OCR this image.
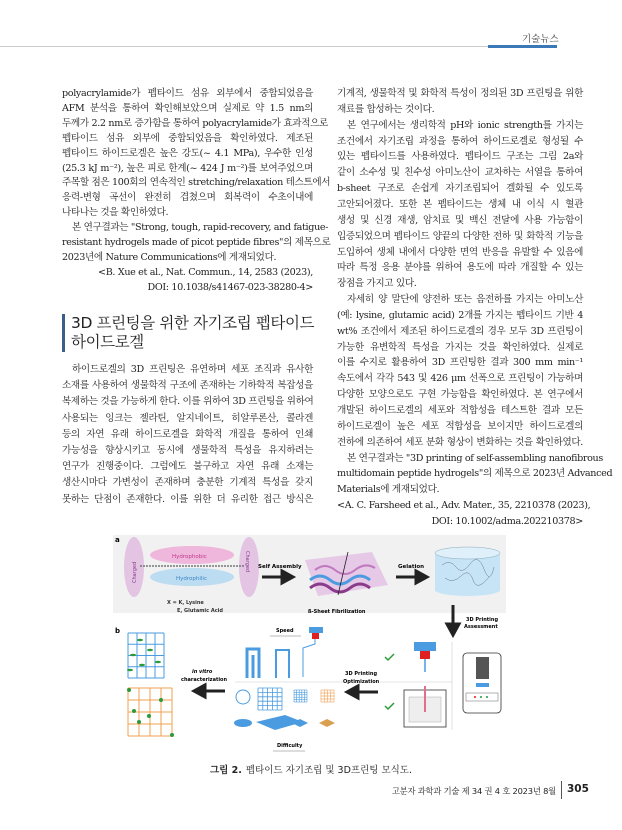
기술뉴스
polyacrylamide가 펩타이드 섬유 외부에서 중합되었음을
AFM 분석을 통하여 확인해보았으며 실제로 약 1.5 nm의
두께가 2.2 nm로 증가함을 통하여 polyacrylamide가 효과적으로
펩타이드 섬유 외부에 중합되었음을 확인하였다. 제조된
펩타이드 하이드로겔은 높은 강도(~ 4.1 MPa), 우수한 인성
(25.3 kJ m⁻²), 높은 피로 한계(~ 424 J m⁻²)를 보여주었으며
주목할 점은 100회의 연속적인 stretching/relaxation 테스트에서
응력-변형 곡선이 완전히 겹쳤으며 회복력이 수초이내에
나타나는 것을 확인하였다.
본 연구결과는 "Strong, tough, rapid-recovery, and fatigue-
resistant hydrogels made of picot peptide fibres"의 제목으로
2023년에 Nature Communications에 게재되었다.
<B. Xue et al., Nat. Commun., 14, 2583 (2023),
DOI: 10.1038/s41467-023-38280-4>
3D 프린팅을 위한 자기조립 펩타이드
하이드로겔
하이드로겔의 3D 프린팅은 유연하며 세포 조직과 유사한
소재를 사용하여 생물학적 구조에 존재하는 기하학적 복잡성을
복제하는 것을 가능하게 한다. 이를 위하여 3D 프린팅을 위하여
사용되는 잉크는 젤라틴, 알지네이트, 히알루론산, 콜라겐
등의 자연 유래 하이드로겔을 화학적 개질을 통하여 인쇄
가능성을 향상시키고 동시에 생물학적 특성을 유지하려는
연구가 진행중이다. 그럼에도 불구하고 자연 유래 소재는
생산시마다 가변성이 존재하며 충분한 기계적 특성을 갖지
못하는 단점이 존재한다. 이를 위한 더 유리한 접근 방식은
기계적, 생물학적 및 화학적 특성이 정의된 3D 프린팅을 위한
재료를 합성하는 것이다.
본 연구에서는 생리학적 pH와 ionic strength를 가지는
조건에서 자기조립 과정을 통하여 하이드로겔로 형성될 수
있는 펩타이드를 사용하였다. 펩타이드 구조는 그림 2a와
같이 소수성 및 친수성 아미노산이 교차하는 서열을 통하여
b-sheet 구조로 손쉽게 자기조립되어 겔화될 수 있도록
고안되어졌다. 또한 본 펩타이드는 생체 내 이식 시 혈관
생성 및 신경 재생, 암치료 및 백신 전달에 사용 가능함이
입증되었으며 펩타이드 양끝의 다양한 전하 및 화학적 기능을
도입하여 생체 내에서 다양한 면역 반응을 유발할 수 있음에
따라 특정 응용 분야를 위하여 용도에 따라 개질할 수 있는
장점을 가지고 있다.
자세히 양 말단에 양전하 또는 음전하를 가지는 아미노산
(예: lysine, glutamic acid) 2개를 가지는 펩타이드 기반 4
wt% 조건에서 제조된 하이드로겔의 경우 모두 3D 프린팅이
가능한 유변학적 특성을 가지는 것을 확인하였다. 실제로
이를 수지로 활용하여 3D 프린팅한 결과 300 mm min⁻¹
속도에서 각각 543 및 426 μm 선폭으로 프린팅이 가능하며
다양한 모양으로도 구현 가능함을 확인하였다. 본 연구에서
개발된 하이드로겔의 세포와 적합성을 테스트한 결과 모든
하이드로겔이 높은 세포 적합성을 보이지만 하이드로겔의
전하에 의존하여 세포 분화 형상이 변화하는 것을 확인하였다.
본 연구결과는 "3D printing of self-assembling nanofibrous
multidomain peptide hydrogels"의 제목으로 2023년 Advanced
Materials에 게재되었다.
<A. C. Farsheed et al., Adv. Mater., 35, 2210378 (2023),
DOI: 10.1002/adma.202210378>
a
Hydrophobic
Hydrophilic
Charged
Charged
X = K, Lysine
E, Glutamic Acid
Self Assembly
ß-Sheet Fibrilization
Gelation
3D Printing
Assessment
b
in vitro
characterization
Speed
Difficulty
3D Printing
Optimization
그림 2. 펩타이드 자기조립 및 3D프린팅 모식도.
고분자 과학과 기술 제 34 권 4 호 2023년 8월 305
